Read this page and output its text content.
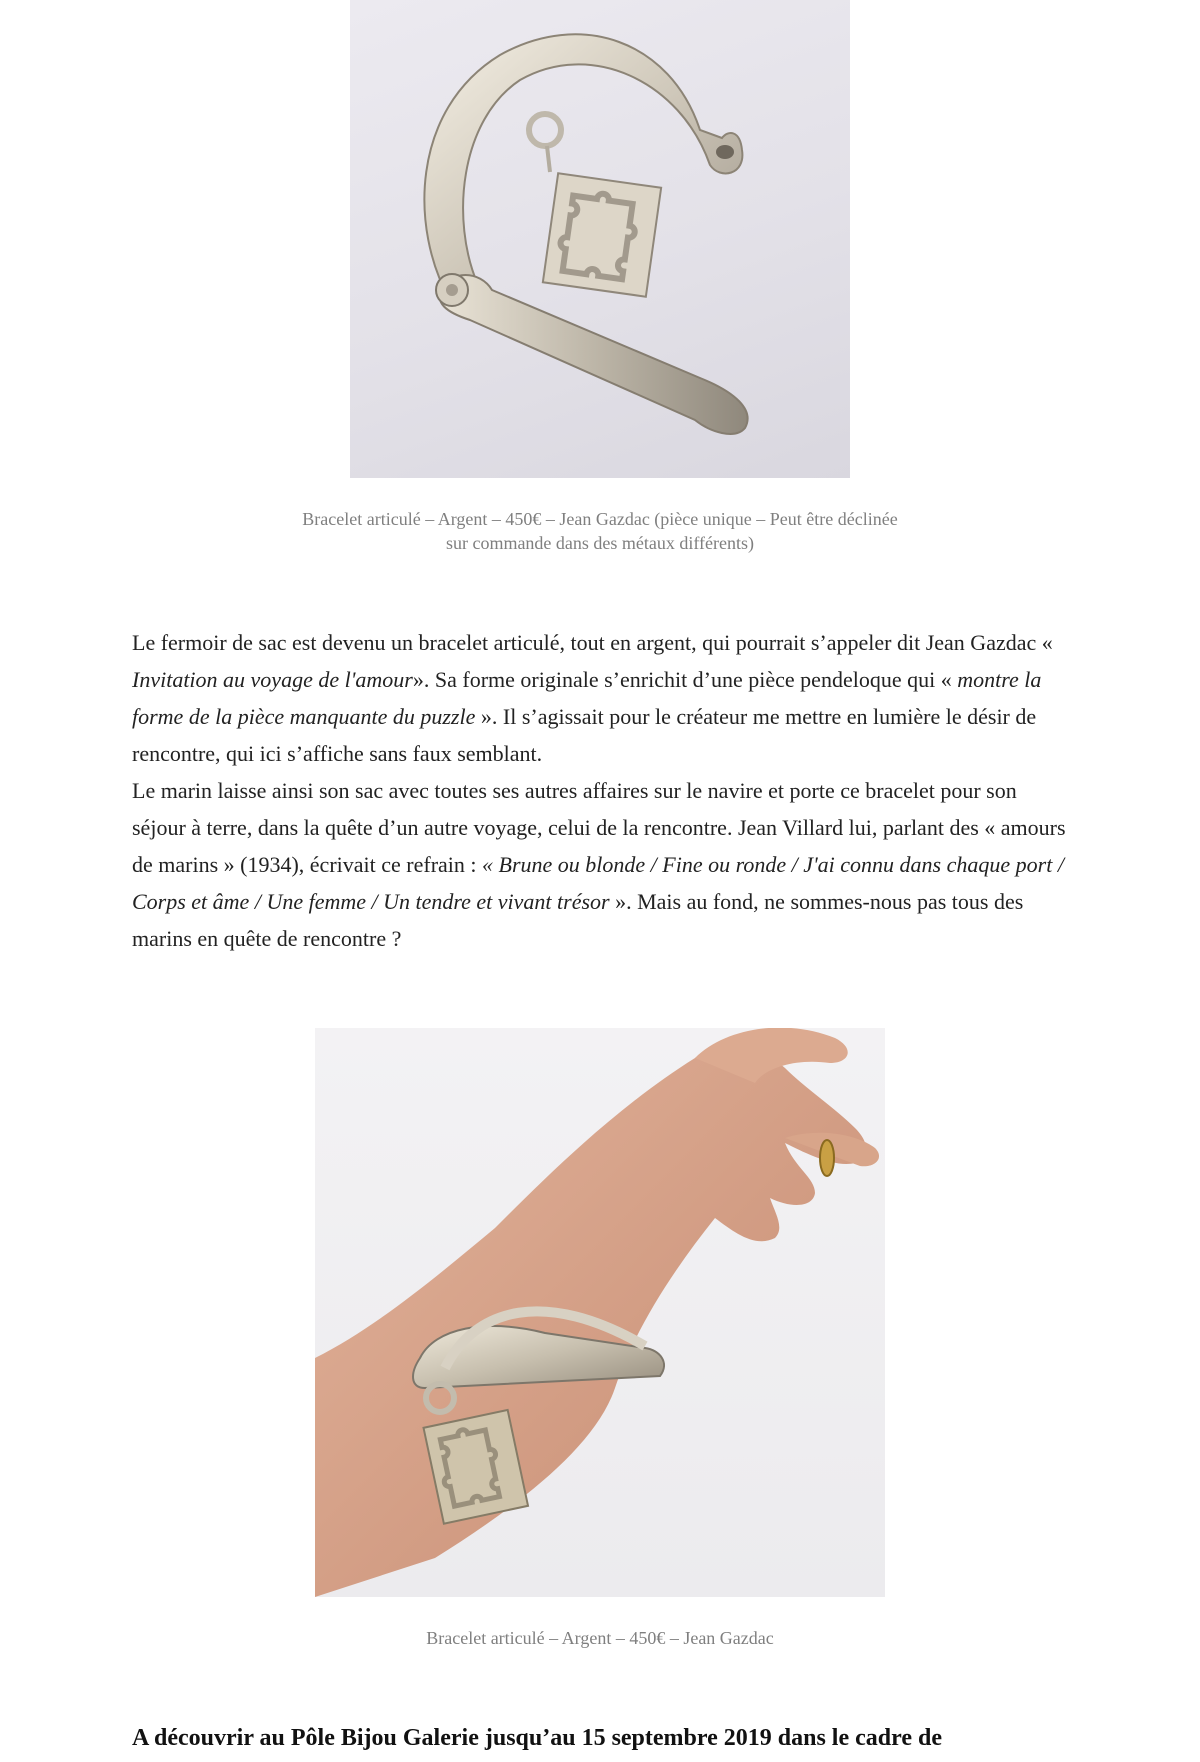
Bracelet articulé – Argent – 450€ – Jean Gazdac (pièce unique – Peut être déclinée
sur commande dans des métaux différents)
Le fermoir de sac est devenu un bracelet articulé, tout en argent, qui pourrait s’appeler dit Jean Gazdac « Invitation au voyage de l'amour». Sa forme originale s’enrichit d’une pièce pendeloque qui « montre la forme de la pièce manquante du puzzle ». Il s’agissait pour le créateur me mettre en lumière le désir de rencontre, qui ici s’affiche sans faux semblant.
Le marin laisse ainsi son sac avec toutes ses autres affaires sur le navire et porte ce bracelet pour son séjour à terre, dans la quête d’un autre voyage, celui de la rencontre. Jean Villard lui, parlant des « amours de marins » (1934), écrivait ce refrain : « Brune ou blonde / Fine ou ronde / J'ai connu dans chaque port / Corps et âme / Une femme / Un tendre et vivant trésor ». Mais au fond, ne sommes-nous pas tous des marins en quête de rencontre ?
Bracelet articulé – Argent – 450€ – Jean Gazdac
A découvrir au Pôle Bijou Galerie jusqu’au 15 septembre 2019 dans le cadre de
